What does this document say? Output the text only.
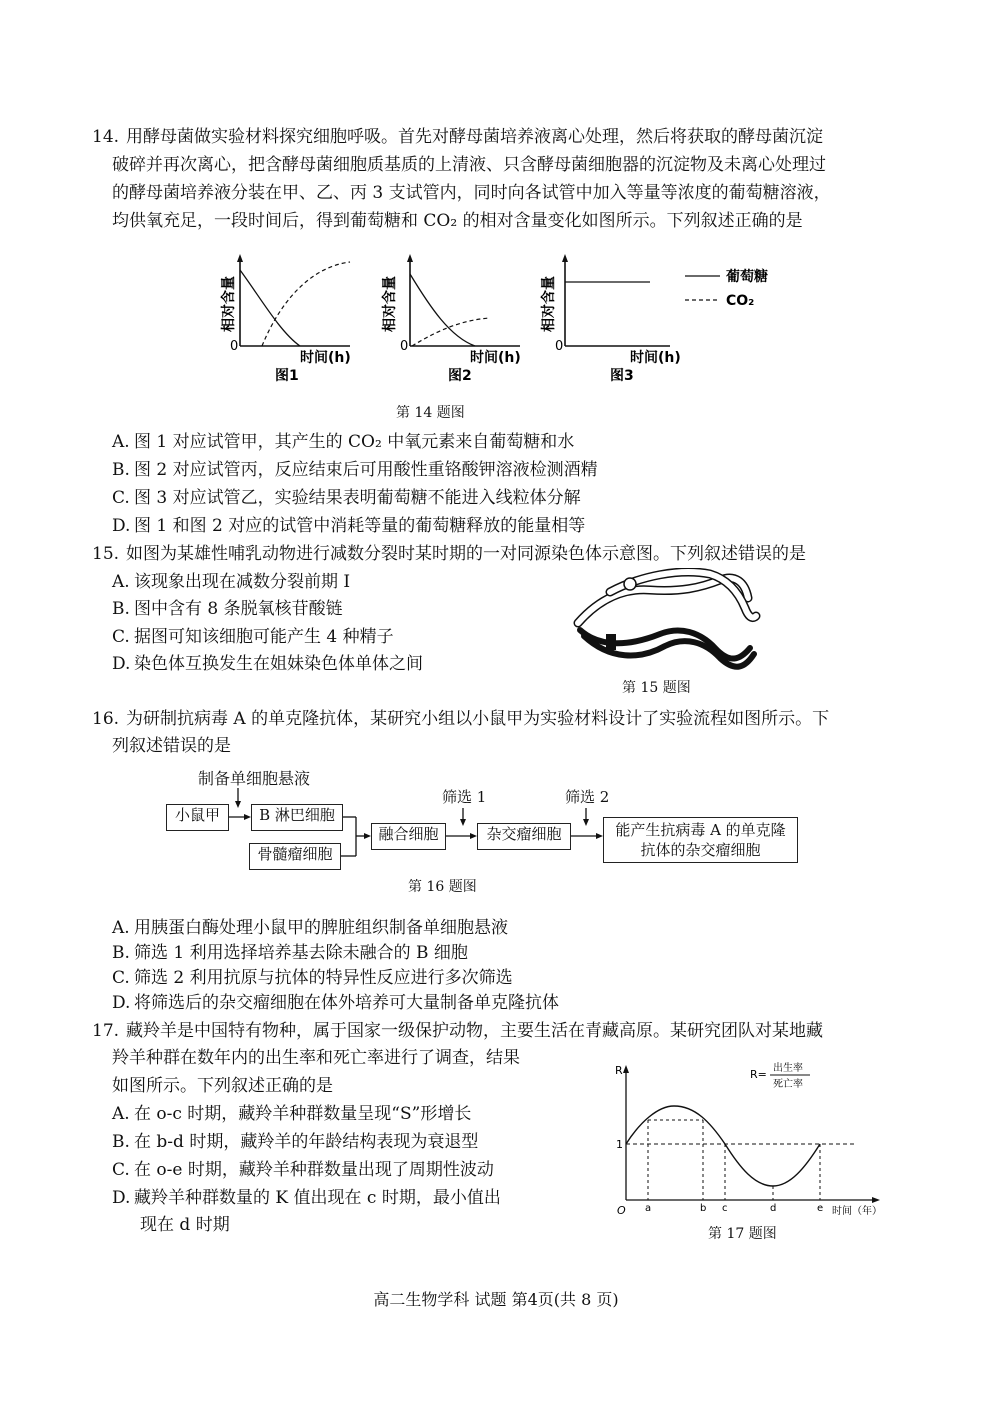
14. 用酵母菌做实验材料探究细胞呼吸。首先对酵母菌培养液离心处理，然后将获取的酵母菌沉淀
破碎并再次离心，把含酵母菌细胞质基质的上清液、只含酵母菌细胞器的沉淀物及未离心处理过
的酵母菌培养液分装在甲、乙、丙 3 支试管内，同时向各试管中加入等量等浓度的葡萄糖溶液，
均供氧充足，一段时间后，得到葡萄糖和 CO₂ 的相对含量变化如图所示。下列叙述正确的是
0
时间(h)
图1
相对含量
0
时间(h)
图2
相对含量
0
时间(h)
图3
相对含量	葡萄糖
CO₂
第 14 题图
A. 图 1 对应试管甲，其产生的 CO₂ 中氧元素来自葡萄糖和水
B. 图 2 对应试管丙，反应结束后可用酸性重铬酸钾溶液检测酒精
C. 图 3 对应试管乙，实验结果表明葡萄糖不能进入线粒体分解
D. 图 1 和图 2 对应的试管中消耗等量的葡萄糖释放的能量相等
15. 如图为某雄性哺乳动物进行减数分裂时某时期的一对同源染色体示意图。下列叙述错误的是
A. 该现象出现在减数分裂前期 I
B. 图中含有 8 条脱氧核苷酸链
C. 据图可知该细胞可能产生 4 种精子
D. 染色体互换发生在姐妹染色体单体之间
第 15 题图
16. 为研制抗病毒 A 的单克隆抗体，某研究小组以小鼠甲为实验材料设计了实验流程如图所示。下
列叙述错误的是
制备单细胞悬液
筛选 1	筛选 2
小鼠甲	B 淋巴细胞
骨髓瘤细胞
融合细胞	杂交瘤细胞	能产生抗病毒 A 的单克隆
抗体的杂交瘤细胞
第 16 题图
A. 用胰蛋白酶处理小鼠甲的脾脏组织制备单细胞悬液
B. 筛选 1 利用选择培养基去除未融合的 B 细胞
C. 筛选 2 利用抗原与抗体的特异性反应进行多次筛选
D. 将筛选后的杂交瘤细胞在体外培养可大量制备单克隆抗体
17. 藏羚羊是中国特有物种，属于国家一级保护动物，主要生活在青藏高原。某研究团队对某地藏
羚羊种群在数年内的出生率和死亡率进行了调查，结果
如图所示。下列叙述正确的是
A. 在 o-c 时期，藏羚羊种群数量呈现“S”形增长
B. 在 b-d 时期，藏羚羊的年龄结构表现为衰退型
C. 在 o-e 时期，藏羚羊种群数量出现了周期性波动
D. 藏羚羊种群数量的 K 值出现在 c 时期，最小值出
现在 d 时期
R	R= 出生率
死亡率
1
O a	b c	d	e 时间（年）
第 17 题图
高二生物学科 试题 第4页(共 8 页)
